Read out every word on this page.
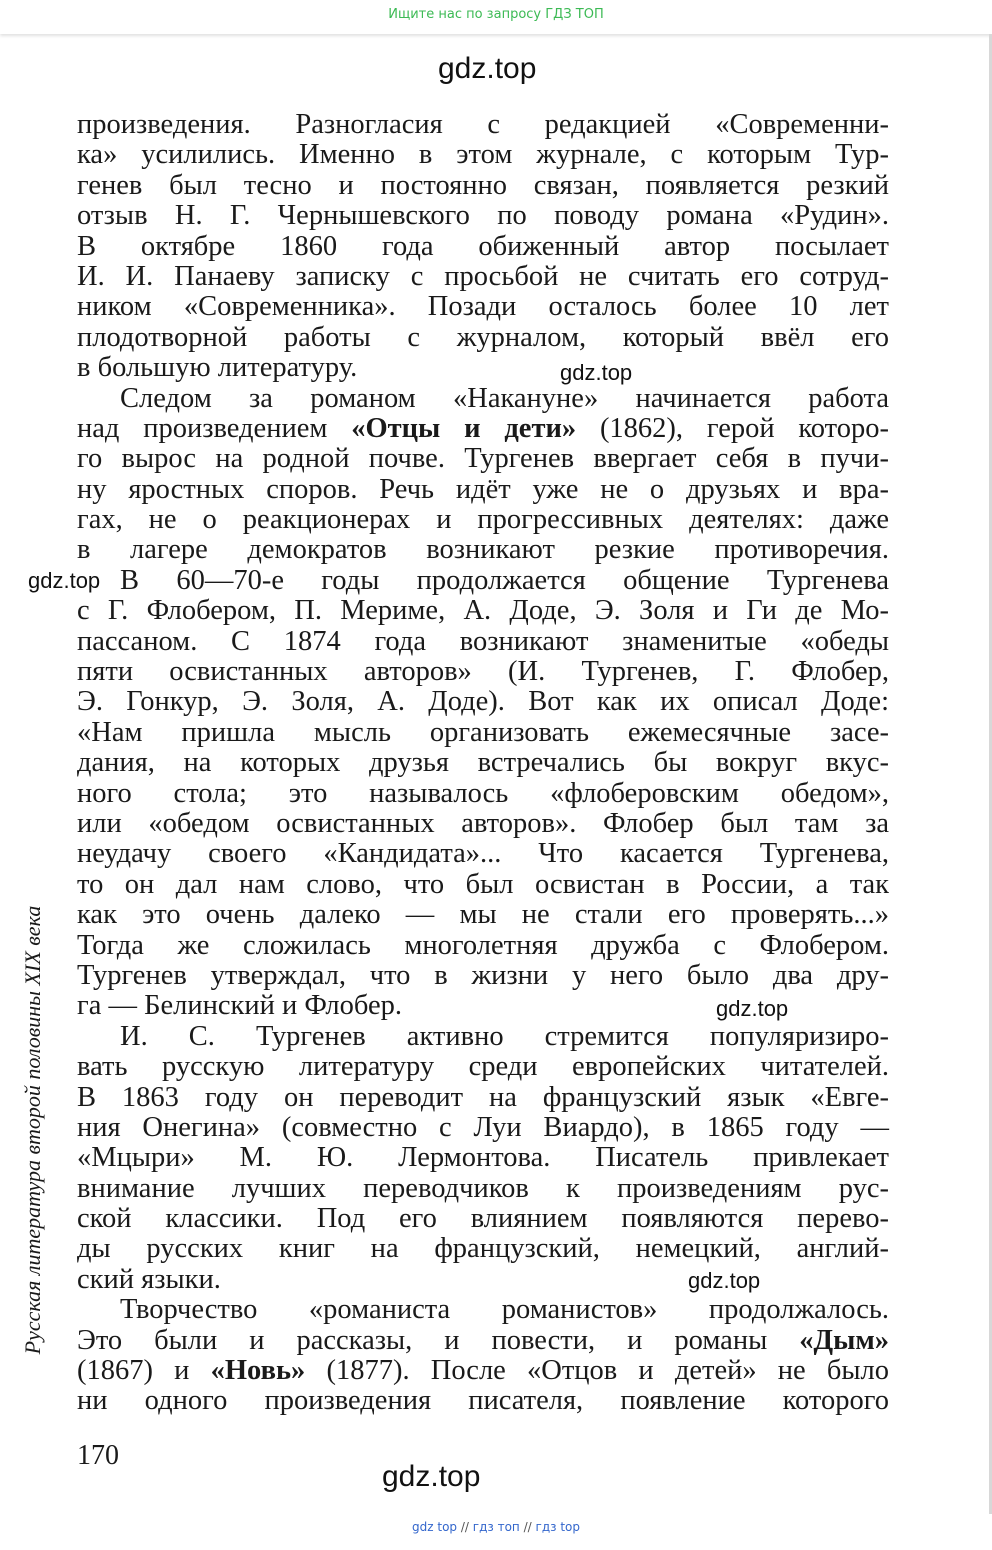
Ищите нас по запросу ГДЗ ТОП
gdz.top
произведения. Разногласия с редакцией «Современни-
ка» усилились. Именно в этом журнале, с которым Тур-
генев был тесно и постоянно связан, появляется резкий
отзыв Н. Г. Чернышевского по поводу романа «Рудин».
В октябре 1860 года обиженный автор посылает
И. И. Панаеву записку с просьбой не считать его сотруд-
ником «Современника». Позади осталось более 10 лет
плодотворной работы с журналом, который ввёл его
в большую литературу.
Следом за романом «Накануне» начинается работа
над произведением «Отцы и дети» (1862), герой которо-
го вырос на родной почве. Тургенев ввергает себя в пучи-
ну яростных споров. Речь идёт уже не о друзьях и вра-
гах, не о реакционерах и прогрессивных деятелях: даже
в лагере демократов возникают резкие противоречия.
В 60—70-е годы продолжается общение Тургенева
с Г. Флобером, П. Мериме, А. Доде, Э. Золя и Ги де Мо-
пассаном. С 1874 года возникают знаменитые «обеды
пяти освистанных авторов» (И. Тургенев, Г. Флобер,
Э. Гонкур, Э. Золя, А. Доде). Вот как их описал Доде:
«Нам пришла мысль организовать ежемесячные засе-
дания, на которых друзья встречались бы вокруг вкус-
ного стола; это называлось «флоберовским обедом»,
или «обедом освистанных авторов». Флобер был там за
неудачу своего «Кандидата»... Что касается Тургенева,
то он дал нам слово, что был освистан в России, а так
как это очень далеко — мы не стали его проверять...»
Тогда же сложилась многолетняя дружба с Флобером.
Тургенев утверждал, что в жизни у него было два дру-
га — Белинский и Флобер.
И. С. Тургенев активно стремится популяризиро-
вать русскую литературу среди европейских читателей.
В 1863 году он переводит на французский язык «Евге-
ния Онегина» (совместно с Луи Виардо), в 1865 году —
«Мцыри» М. Ю. Лермонтова. Писатель привлекает
внимание лучших переводчиков к произведениям рус-
ской классики. Под его влиянием появляются перево-
ды русских книг на французский, немецкий, англий-
ский языки.
Творчество «романиста романистов» продолжалось.
Это были и рассказы, и повести, и романы «Дым»
(1867) и «Новь» (1877). После «Отцов и детей» не было
ни одного произведения писателя, появление которого
gdz.top
gdz.top
gdz.top
gdz.top
Русская литература второй половины XIX века
170
gdz.top
gdz top // гдз топ // гдз top
